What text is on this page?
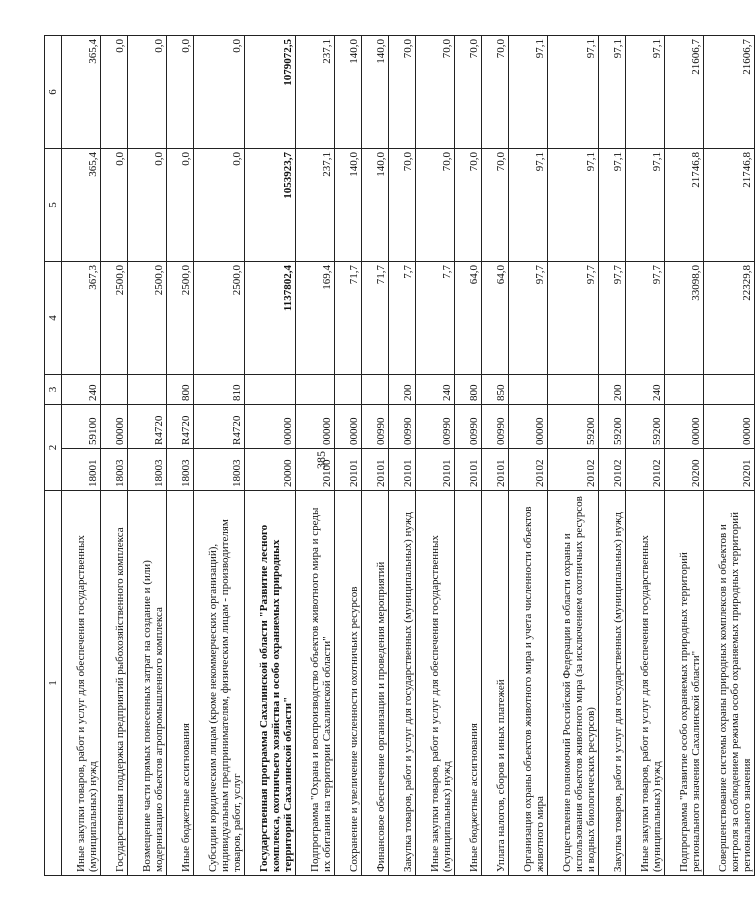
385
1	2		3	4	5	6
Иные закупки товаров, работ и услуг для обеспечения государственных (муниципальных) нужд	18001	59100	240	367,3	365,4	365,4
Государственная поддержка предприятий рыбохозяйственного комплекса	18003	00000		2500,0	0,0	0,0
Возмещение части прямых понесенных затрат на создание и (или) модернизацию объектов агропромышленного комплекса	18003	R4720		2500,0	0,0	0,0
Иные бюджетные ассигнования	18003	R4720	800	2500,0	0,0	0,0
Субсидии юридическим лицам (кроме некоммерческих организаций), индивидуальным предпринимателям, физическим лицам - производителям товаров, работ, услуг	18003	R4720	810	2500,0	0,0	0,0
Государственная программа Сахалинской области "Развитие лесного комплекса, охотничьего хозяйства и особо охраняемых природных территорий Сахалинской области"	20000	00000		1137802,4	1053923,7	1079072,5
Подпрограмма "Охрана и воспроизводство объектов животного мира и среды их обитания на территории Сахалинской области"	20100	00000		169,4	237,1	237,1
Сохранение и увеличение численности охотничьих ресурсов	20101	00000		71,7	140,0	140,0
Финансовое обеспечение организации и проведения мероприятий	20101	00990		71,7	140,0	140,0
Закупка товаров, работ и услуг для государственных (муниципальных) нужд	20101	00990	200	7,7	70,0	70,0
Иные закупки товаров, работ и услуг для обеспечения государственных (муниципальных) нужд	20101	00990	240	7,7	70,0	70,0
Иные бюджетные ассигнования	20101	00990	800	64,0	70,0	70,0
Уплата налогов, сборов и иных платежей	20101	00990	850	64,0	70,0	70,0
Организация охраны объектов животного мира и учета численности объектов животного мира	20102	00000		97,7	97,1	97,1
Осуществление полномочий Российской Федерации в области охраны и использования объектов животного мира (за исключением охотничьих ресурсов и водных биологических ресурсов)	20102	59200		97,7	97,1	97,1
Закупка товаров, работ и услуг для государственных (муниципальных) нужд	20102	59200	200	97,7	97,1	97,1
Иные закупки товаров, работ и услуг для обеспечения государственных (муниципальных) нужд	20102	59200	240	97,7	97,1	97,1
Подпрограмма "Развитие особо охраняемых природных территорий регионального значения Сахалинской области"	20200	00000		33098,0	21746,8	21606,7
Совершенствование системы охраны природных комплексов и объектов и контроля за соблюдением режима особо охраняемых природных территорий регионального значения	20201	00000		22329,8	21746,8	21606,7
